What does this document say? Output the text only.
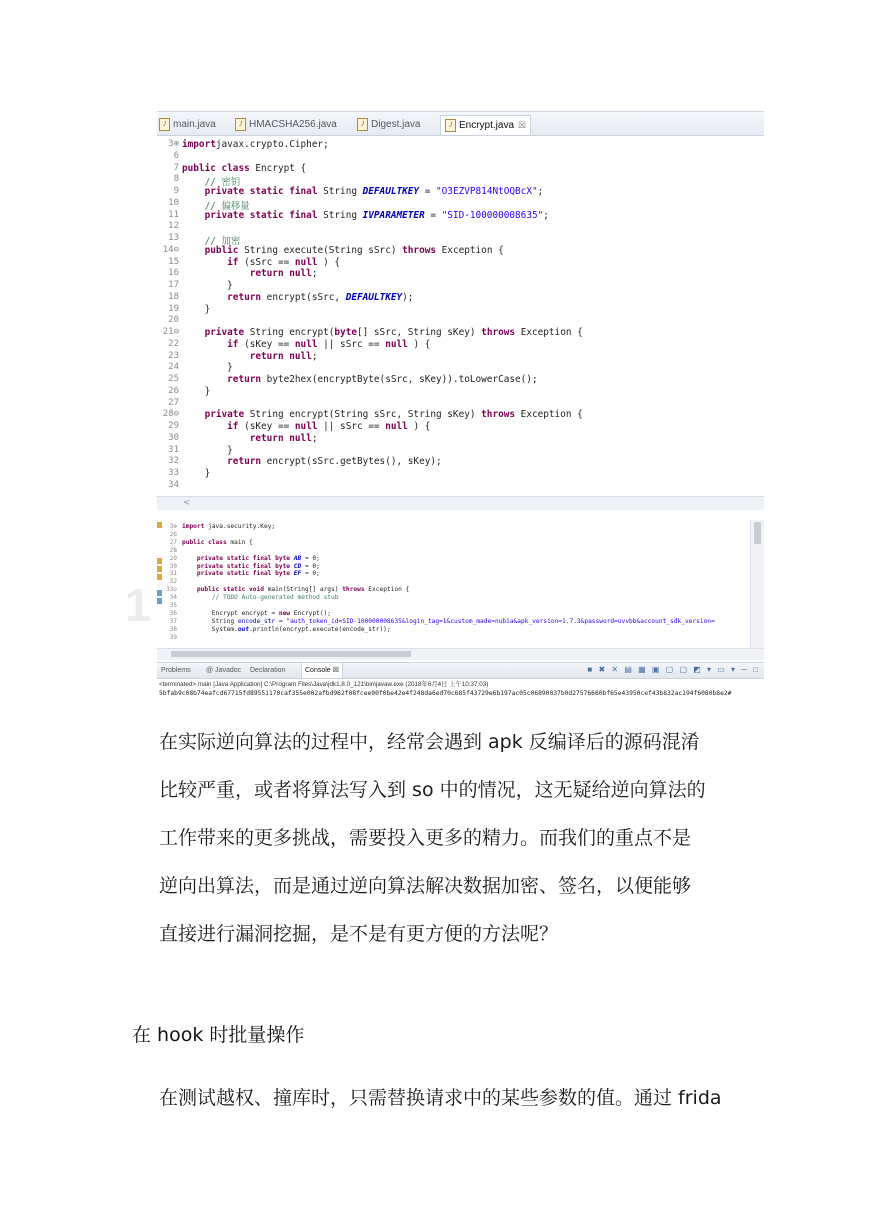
J main.java	J HMACSHA256.java	J Digest.java	J Encrypt.java ☒
3⊕ importjavax.crypto.Cipher;
6
7 public class Encrypt {
8	// 密钥
9	private static final String DEFAULTKEY = "O3EZVP814NtOQBcX";
10	// 偏移量
11	private static final String IVPARAMETER = "SID-100000008635";
12
13	// 加密
14⊖	public String execute(String sSrc) throws Exception {
15	if (sSrc == null ) {
16	return null;
17 }
18	return encrypt(sSrc, DEFAULTKEY);
19 }
20
21⊖	private String encrypt(byte[] sSrc, String sKey) throws Exception {
22	if (sKey == null || sSrc == null ) {
23	return null;
24 }
25	return byte2hex(encryptByte(sSrc, sKey)).toLowerCase();
26 }
27
28⊖	private String encrypt(String sSrc, String sKey) throws Exception {
29	if (sKey == null || sSrc == null ) {
30	return null;
31 }
32	return encrypt(sSrc.getBytes(), sKey);
33 }
34
<
1
3⊕ import java.security.Key;
26
27 public class main {
28
29	private static final byte AB = 0;
30	private static final byte CD = 0;
31	private static final byte EF = 0;
32
33⊖	public static void main(String[] args) throws Exception {
34	// TODO Auto-generated method stub
35
36 Encrypt encrypt = new Encrypt();
37 String encode_str = "auth_token_id=SID-100000008635&login_tag=1&custom_made=nubia&apk_version=1.7.3&password=uvvbb&account_sdk_version=
38 System.out.println(encrypt.execute(encode_str));
39
Problems @ Javadoc Declaration	Console ☒	■ ✖ ✕ ▤ ▦ ▣ ▢ ▢ ◩ ▾ ▭ ▾ ─ □
<terminated> main [Java Application] C:\Program Files\Java\jdk1.8.0_121\bin\javaw.exe (2018年6月4日 上午10:37:03)
5bfab9c08b74eafcd67715fd89551170caf355e002afbd962f08fcee90f0be42e4f248da6ed70c685f43729e6b197ac05c06890037b0d27576660bf65e43950cef43b832ac194f6080b8e2#
在实际逆向算法的过程中，经常会遇到 apk 反编译后的源码混淆
比较严重，或者将算法写入到 so 中的情况，这无疑给逆向算法的
工作带来的更多挑战，需要投入更多的精力。而我们的重点不是
逆向出算法，而是通过逆向算法解决数据加密、签名，以便能够
直接进行漏洞挖掘，是不是有更方便的方法呢？
在 hook 时批量操作
在测试越权、撞库时，只需替换请求中的某些参数的值。通过 frida
